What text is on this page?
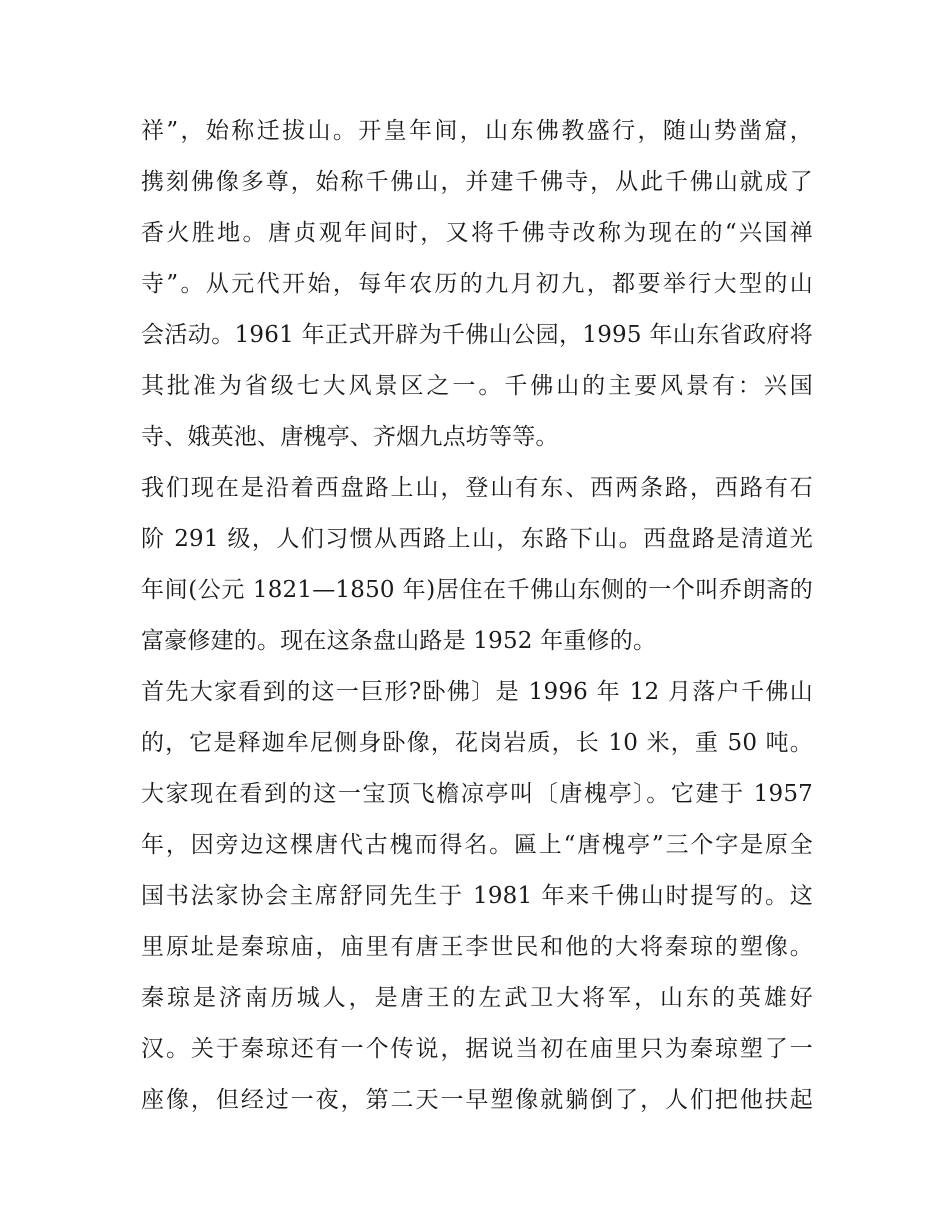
祥”，始称迁拔山。开皇年间，山东佛教盛行，随山势凿窟，
携刻佛像多尊，始称千佛山，并建千佛寺，从此千佛山就成了
香火胜地。唐贞观年间时，又将千佛寺改称为现在的“兴国禅
寺”。从元代开始，每年农历的九月初九，都要举行大型的山
会活动。1961 年正式开辟为千佛山公园，1995 年山东省政府将
其批准为省级七大风景区之一。千佛山的主要风景有：兴国
寺、娥英池、唐槐亭、齐烟九点坊等等。
我们现在是沿着西盘路上山，登山有东、西两条路，西路有石
阶 291 级，人们习惯从西路上山，东路下山。西盘路是清道光
年间(公元 1821—1850 年)居住在千佛山东侧的一个叫乔朗斋的
富豪修建的。现在这条盘山路是 1952 年重修的。
首先大家看到的这一巨形?卧佛〕是 1996 年 12 月落户千佛山
的，它是释迦牟尼侧身卧像，花岗岩质，长 10 米，重 50 吨。
大家现在看到的这一宝顶飞檐凉亭叫〔唐槐亭〕。它建于 1957
年，因旁边这棵唐代古槐而得名。匾上“唐槐亭”三个字是原全
国书法家协会主席舒同先生于 1981 年来千佛山时提写的。这
里原址是秦琼庙，庙里有唐王李世民和他的大将秦琼的塑像。
秦琼是济南历城人，是唐王的左武卫大将军，山东的英雄好
汉。关于秦琼还有一个传说，据说当初在庙里只为秦琼塑了一
座像，但经过一夜，第二天一早塑像就躺倒了，人们把他扶起
